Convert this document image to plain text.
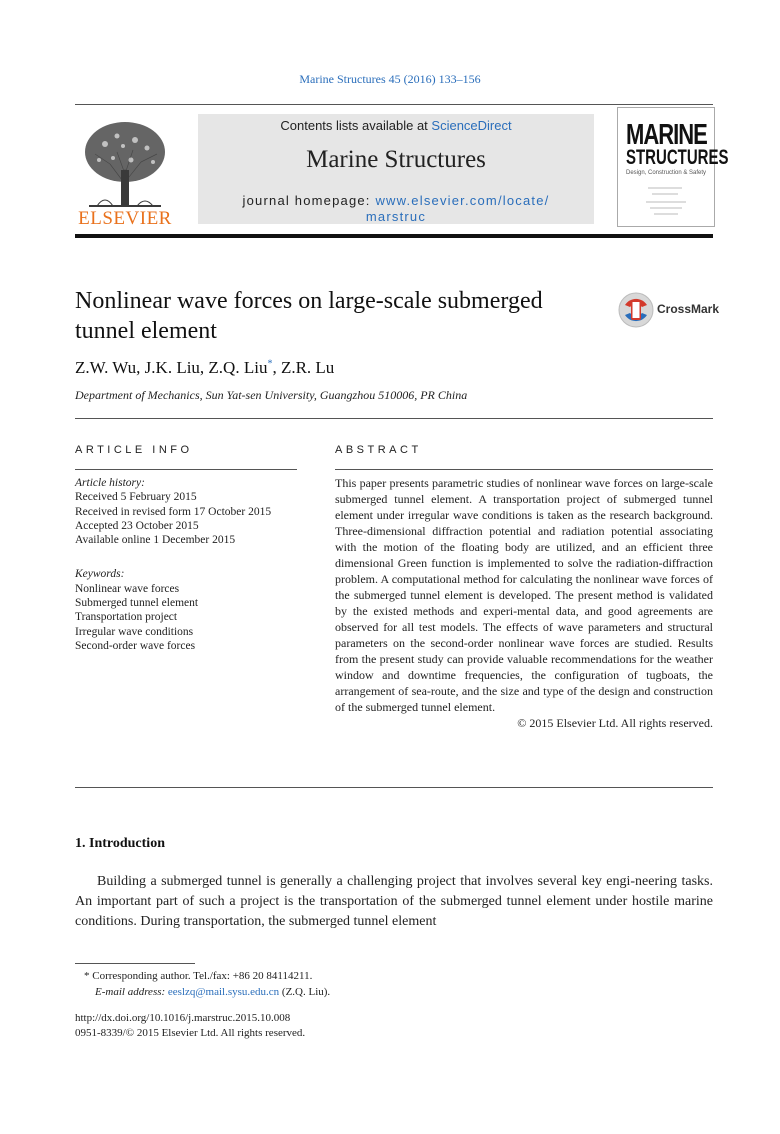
Marine Structures 45 (2016) 133–156
ELSEVIER
Contents lists available at ScienceDirect
Marine Structures
journal homepage: www.elsevier.com/locate/
marstruc
MARINE
STRUCTURES
Design, Construction & Safety
Nonlinear wave forces on large-scale submerged tunnel element
CrossMark
Z.W. Wu, J.K. Liu, Z.Q. Liu*, Z.R. Lu
Department of Mechanics, Sun Yat-sen University, Guangzhou 510006, PR China
ARTICLE INFO
Article history:
Received 5 February 2015
Received in revised form 17 October 2015
Accepted 23 October 2015
Available online 1 December 2015
Keywords:
Nonlinear wave forces
Submerged tunnel element
Transportation project
Irregular wave conditions
Second-order wave forces
ABSTRACT
This paper presents parametric studies of nonlinear wave forces on large-scale submerged tunnel element. A transportation project of submerged tunnel element under irregular wave conditions is taken as the research background. Three-dimensional diffraction potential and radiation potential associating with the motion of the floating body are utilized, and an efficient three dimensional Green function is implemented to solve the radiation-diffraction problem. A computational method for calculating the nonlinear wave forces of the submerged tunnel element is developed. The present method is validated by the existed methods and experi-mental data, and good agreements are observed for all test models. The effects of wave parameters and structural parameters on the second-order nonlinear wave forces are studied. Results from the present study can provide valuable recommendations for the weather window and downtime frequencies, the configuration of tugboats, the arrangement of sea-route, and the size and type of the design and construction of the submerged tunnel element.
© 2015 Elsevier Ltd. All rights reserved.
1. Introduction
Building a submerged tunnel is generally a challenging project that involves several key engi-neering tasks. An important part of such a project is the transportation of the submerged tunnel element under hostile marine conditions. During transportation, the submerged tunnel element
* Corresponding author. Tel./fax: +86 20 84114211.
E-mail address: eeslzq@mail.sysu.edu.cn (Z.Q. Liu).
http://dx.doi.org/10.1016/j.marstruc.2015.10.008
0951-8339/© 2015 Elsevier Ltd. All rights reserved.
